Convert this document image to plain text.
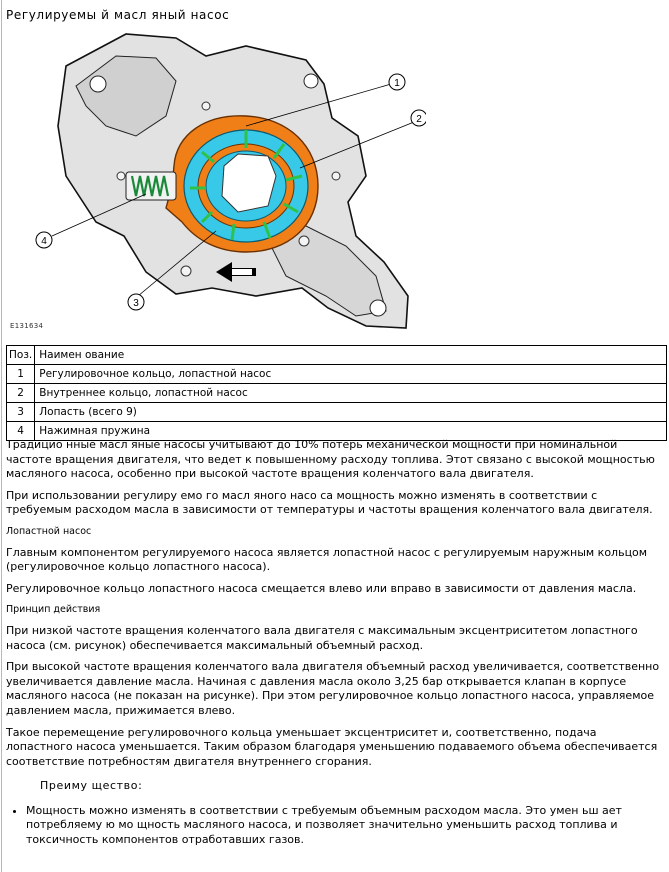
Регулируемы й масл яный насос
1
2
3
4
E131634
Поз.	Наимен ование
1	Регулировочное кольцо, лопастной насос
2	Внутреннее кольцо, лопастной насос
3	Лопасть (всего 9)
4	Нажимная пружина

Традицио нные масл яные насосы учитывают до 10% потерь механической мощности при номинальной частоте вращения двигателя, что ведет к повышенному расходу топлива. Этот связано с высокой мощностью масляного насоса, особенно при высокой частоте вращения коленчатого вала двигателя.

При использовании регулиру емо го масл яного насо са мощность можно изменять в соответствии с требуемым расходом масла в зависимости от температуры и частоты вращения коленчатого вала двигателя.

Лопастной насос

Главным компонентом регулируемого насоса является лопастной насос с регулируемым наружным кольцом (регулировочное кольцо лопастного насоса).

Регулировочное кольцо лопастного насоса смещается влево или вправо в зависимости от давления масла.

Принцип действия

При низкой частоте вращения коленчатого вала двигателя с максимальным эксцентриситетом лопастного насоса (см. рисунок) обеспечивается максимальный объемный расход.

При высокой частоте вращения коленчатого вала двигателя объемный расход увеличивается, соответственно увеличивается давление масла. Начиная с давления масла около 3,25 бар открывается клапан в корпусе масляного насоса (не показан на рисунке). При этом регулировочное кольцо лопастного насоса, управляемое давлением масла, прижимается влево.

Такое перемещение регулировочного кольца уменьшает эксцентриситет и, соответственно, подача лопастного насоса уменьшается. Таким образом благодаря уменьшению подаваемого объема обеспечивается соответствие потребностям двигателя внутреннего сгорания.

Преиму щество:

• Мощность можно изменять в соответствии с требуемым объемным расходом масла. Это умен ьш ает потребляему ю мо щность масляного насоса, и позволяет значительно уменьшить расход топлива и токсичность компонентов отработавших газов.
